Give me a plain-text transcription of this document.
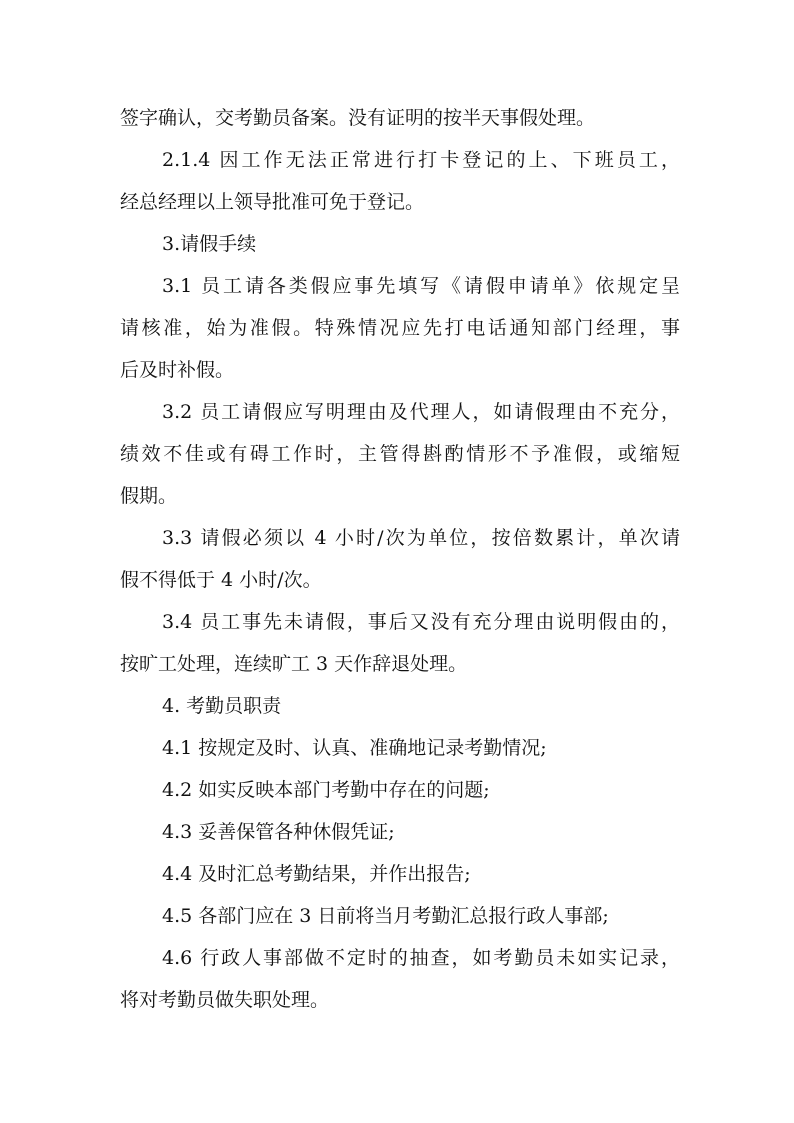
签字确认，交考勤员备案。没有证明的按半天事假处理。
2.1.4 因工作无法正常进行打卡登记的上、下班员工，
经总经理以上领导批准可免于登记。
3.请假手续
3.1 员工请各类假应事先填写《请假申请单》依规定呈
请核准，始为准假。特殊情况应先打电话通知部门经理，事
后及时补假。
3.2 员工请假应写明理由及代理人，如请假理由不充分，
绩效不佳或有碍工作时，主管得斟酌情形不予准假，或缩短
假期。
3.3 请假必须以 4 小时/次为单位，按倍数累计，单次请
假不得低于 4 小时/次。
3.4 员工事先未请假，事后又没有充分理由说明假由的，
按旷工处理，连续旷工 3 天作辞退处理。
4. 考勤员职责
4.1 按规定及时、认真、准确地记录考勤情况;
4.2 如实反映本部门考勤中存在的问题;
4.3 妥善保管各种休假凭证;
4.4 及时汇总考勤结果，并作出报告;
4.5 各部门应在 3 日前将当月考勤汇总报行政人事部;
4.6 行政人事部做不定时的抽查，如考勤员未如实记录，
将对考勤员做失职处理。
